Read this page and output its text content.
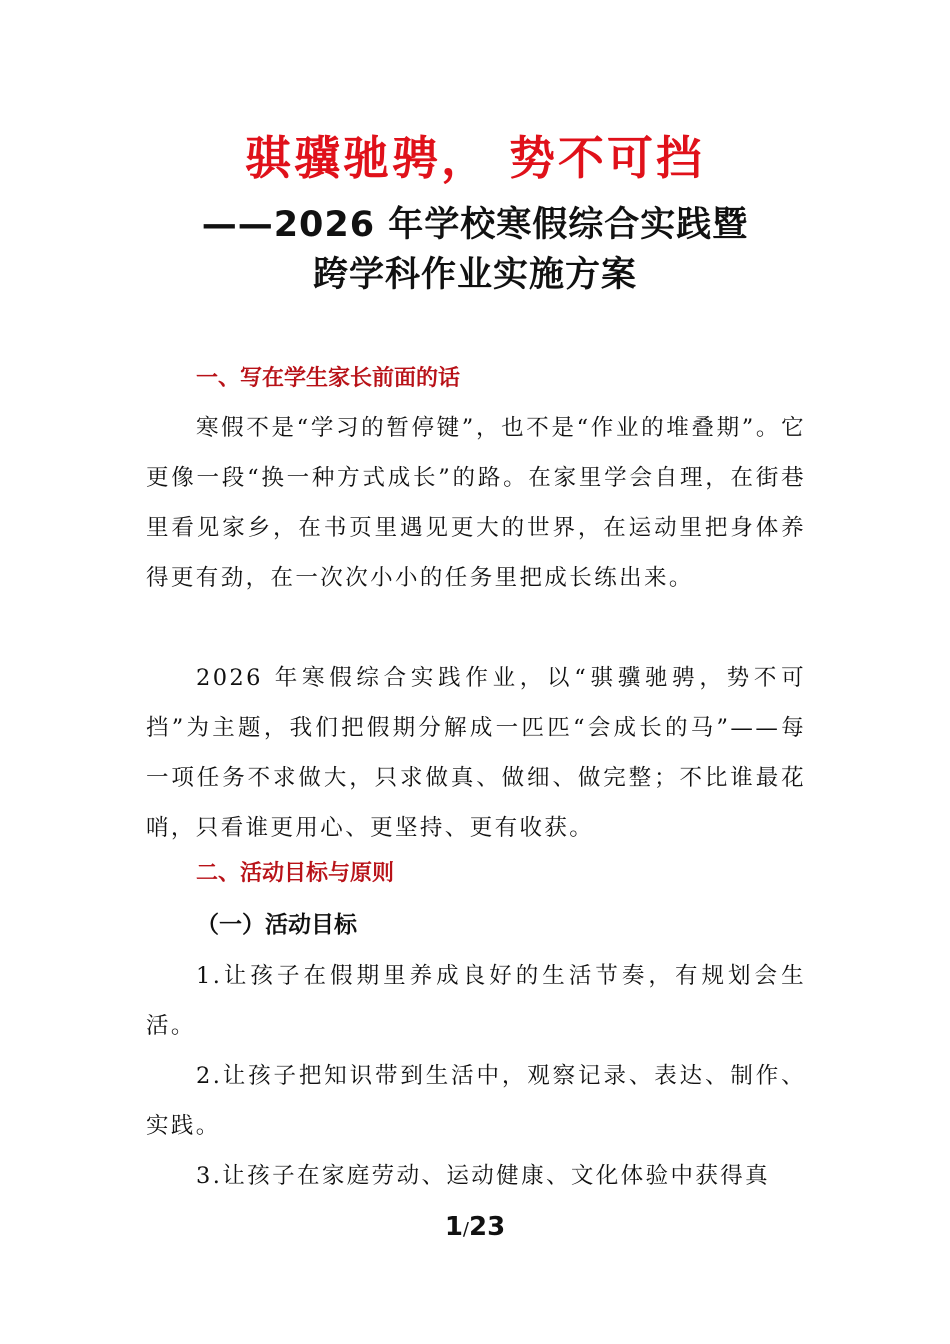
骐骥驰骋， 势不可挡
——2026 年学校寒假综合实践暨
跨学科作业实施方案
一、写在学生家长前面的话

寒假不是“学习的暂停键”，也不是“作业的堆叠期”。它更像一段“换一种方式成长”的路。在家里学会自理，在街巷里看见家乡，在书页里遇见更大的世界，在运动里把身体养得更有劲，在一次次小小的任务里把成长练出来。

2026 年寒假综合实践作业，以“骐骥驰骋，势不可挡”为主题，我们把假期分解成一匹匹“会成长的马”——每一项任务不求做大，只求做真、做细、做完整；不比谁最花哨，只看谁更用心、更坚持、更有收获。

二、活动目标与原则
（一）活动目标

1.让孩子在假期里养成良好的生活节奏，有规划会生活。

2.让孩子把知识带到生活中，观察记录、表达、制作、实践。

3.让孩子在家庭劳动、运动健康、文化体验中获得真

1/23
